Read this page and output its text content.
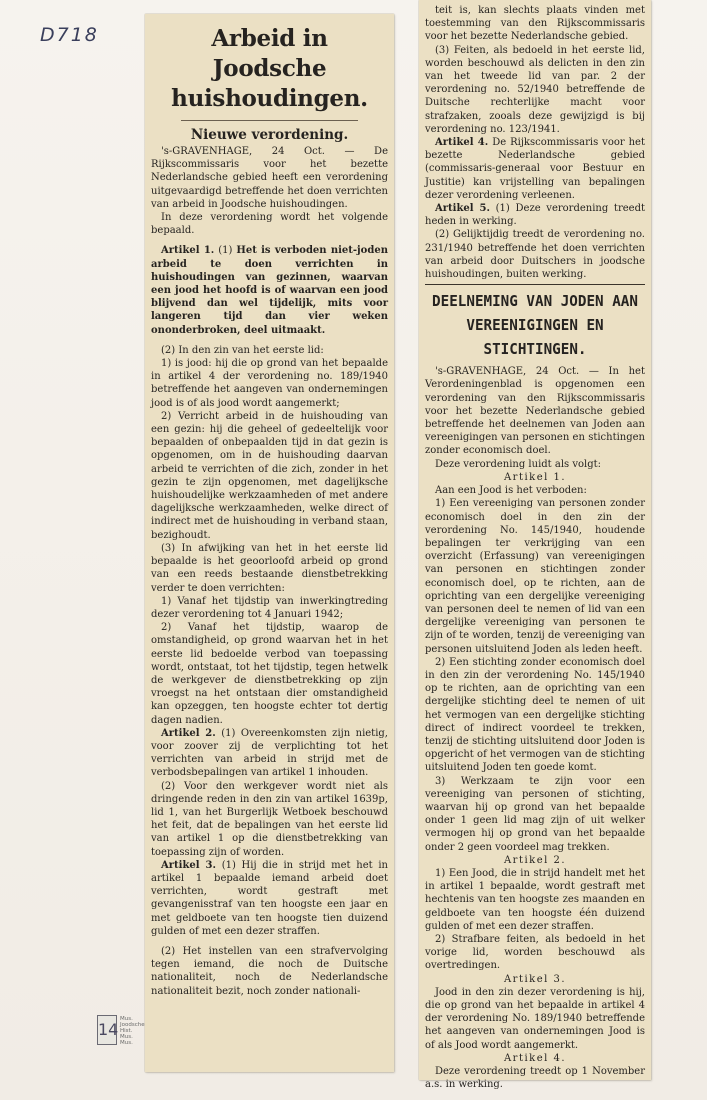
D718
14
Mus. Joodsche Hist. Mus. Mus.
Arbeid in Joodsche huishoudingen.
Nieuwe verordening.

's-GRAVENHAGE, 24 Oct. — De Rijkscommissaris voor het bezette Nederlandsche gebied heeft een verordening uitgevaardigd betreffende het doen verrichten van arbeid in Joodsche huishoudingen.

In deze verordening wordt het volgende bepaald.

Artikel 1. (1) Het is verboden niet-joden arbeid te doen verrichten in huishoudingen van gezinnen, waarvan een jood het hoofd is of waarvan een jood blijvend dan wel tijdelijk, mits voor langeren tijd dan vier weken ononderbroken, deel uitmaakt.

(2) In den zin van het eerste lid:

1) is jood: hij die op grond van het bepaalde in artikel 4 der verordening no. 189/1940 betreffende het aangeven van ondernemingen jood is of als jood wordt aangemerkt;

2) Verricht arbeid in de huishouding van een gezin: hij die geheel of gedeeltelijk voor bepaalden of onbepaalden tijd in dat gezin is opgenomen, om in de huishouding daarvan arbeid te verrichten of die zich, zonder in het gezin te zijn opgenomen, met dagelijksche huishoudelijke werkzaamheden of met andere dagelijksche werkzaamheden, welke direct of indirect met de huishouding in verband staan, bezighoudt.

(3) In afwijking van het in het eerste lid bepaalde is het geoorloofd arbeid op grond van een reeds bestaande dienstbetrekking verder te doen verrichten:

1) Vanaf het tijdstip van inwerkingtreding dezer verordening tot 4 Januari 1942;

2) Vanaf het tijdstip, waarop de omstandigheid, op grond waarvan het in het eerste lid bedoelde verbod van toepassing wordt, ontstaat, tot het tijdstip, tegen hetwelk de werkgever de dienstbetrekking op zijn vroegst na het ontstaan dier omstandigheid kan opzeggen, ten hoogste echter tot dertig dagen nadien.

Artikel 2. (1) Overeenkomsten zijn nietig, voor zoover zij de verplichting tot het verrichten van arbeid in strijd met de verbodsbepalingen van artikel 1 inhouden.

(2) Voor den werkgever wordt niet als dringende reden in den zin van artikel 1639p, lid 1, van het Burgerlijk Wetboek beschouwd het feit, dat de bepalingen van het eerste lid van artikel 1 op die dienstbetrekking van toepassing zijn of worden.

Artikel 3. (1) Hij die in strijd met het in artikel 1 bepaalde iemand arbeid doet verrichten, wordt gestraft met gevangenisstraf van ten hoogste een jaar en met geldboete van ten hoogste tien duizend gulden of met een dezer straffen.

(2) Het instellen van een strafvervolging tegen iemand, die noch de Duitsche nationaliteit, noch de Nederlandsche nationaliteit bezit, noch zonder nationali-

teit is, kan slechts plaats vinden met toestemming van den Rijkscommissaris voor het bezette Nederlandsche gebied.

(3) Feiten, als bedoeld in het eerste lid, worden beschouwd als delicten in den zin van het tweede lid van par. 2 der verordening no. 52/1940 betreffende de Duitsche rechterlijke macht voor strafzaken, zooals deze gewijzigd is bij verordening no. 123/1941.

Artikel 4. De Rijkscommissaris voor het bezette Nederlandsche gebied (commissaris-generaal voor Bestuur en Justitie) kan vrijstelling van bepalingen dezer verordening verleenen.

Artikel 5. (1) Deze verordening treedt heden in werking.

(2) Gelijktijdig treedt de verordening no. 231/1940 betreffende het doen verrichten van arbeid door Duitschers in joodsche huishoudingen, buiten werking.

DEELNEMING VAN JODEN AAN VEREENIGINGEN EN STICHTINGEN.

's-GRAVENHAGE, 24 Oct. — In het Verordeningenblad is opgenomen een verordening van den Rijkscommissaris voor het bezette Nederlandsche gebied betreffende het deelnemen van Joden aan vereenigingen van personen en stichtingen zonder economisch doel.

Deze verordening luidt als volgt:

Artikel 1.

Aan een Jood is het verboden:

1) Een vereeniging van personen zonder economisch doel in den zin der verordening No. 145/1940, houdende bepalingen ter verkrijging van een overzicht (Erfassung) van vereenigingen van personen en stichtingen zonder economisch doel, op te richten, aan de oprichting van een dergelijke vereeniging van personen deel te nemen of lid van een dergelijke vereeniging van personen te zijn of te worden, tenzij de vereeniging van personen uitsluitend Joden als leden heeft.

2) Een stichting zonder economisch doel in den zin der verordening No. 145/1940 op te richten, aan de oprichting van een dergelijke stichting deel te nemen of uit het vermogen van een dergelijke stichting direct of indirect voordeel te trekken, tenzij de stichting uitsluitend door Joden is opgericht of het vermogen van de stichting uitsluitend Joden ten goede komt.

3) Werkzaam te zijn voor een vereeniging van personen of stichting, waarvan hij op grond van het bepaalde onder 1 geen lid mag zijn of uit welker vermogen hij op grond van het bepaalde onder 2 geen voordeel mag trekken.

Artikel 2.

1) Een Jood, die in strijd handelt met het in artikel 1 bepaalde, wordt gestraft met hechtenis van ten hoogste zes maanden en geldboete van ten hoogste één duizend gulden of met een dezer straffen.

2) Strafbare feiten, als bedoeld in het vorige lid, worden beschouwd als overtredingen.

Artikel 3.

Jood in den zin dezer verordening is hij, die op grond van het bepaalde in artikel 4 der verordening No. 189/1940 betreffende het aangeven van ondernemingen Jood is of als Jood wordt aangemerkt.

Artikel 4.

Deze verordening treedt op 1 November a.s. in werking.
